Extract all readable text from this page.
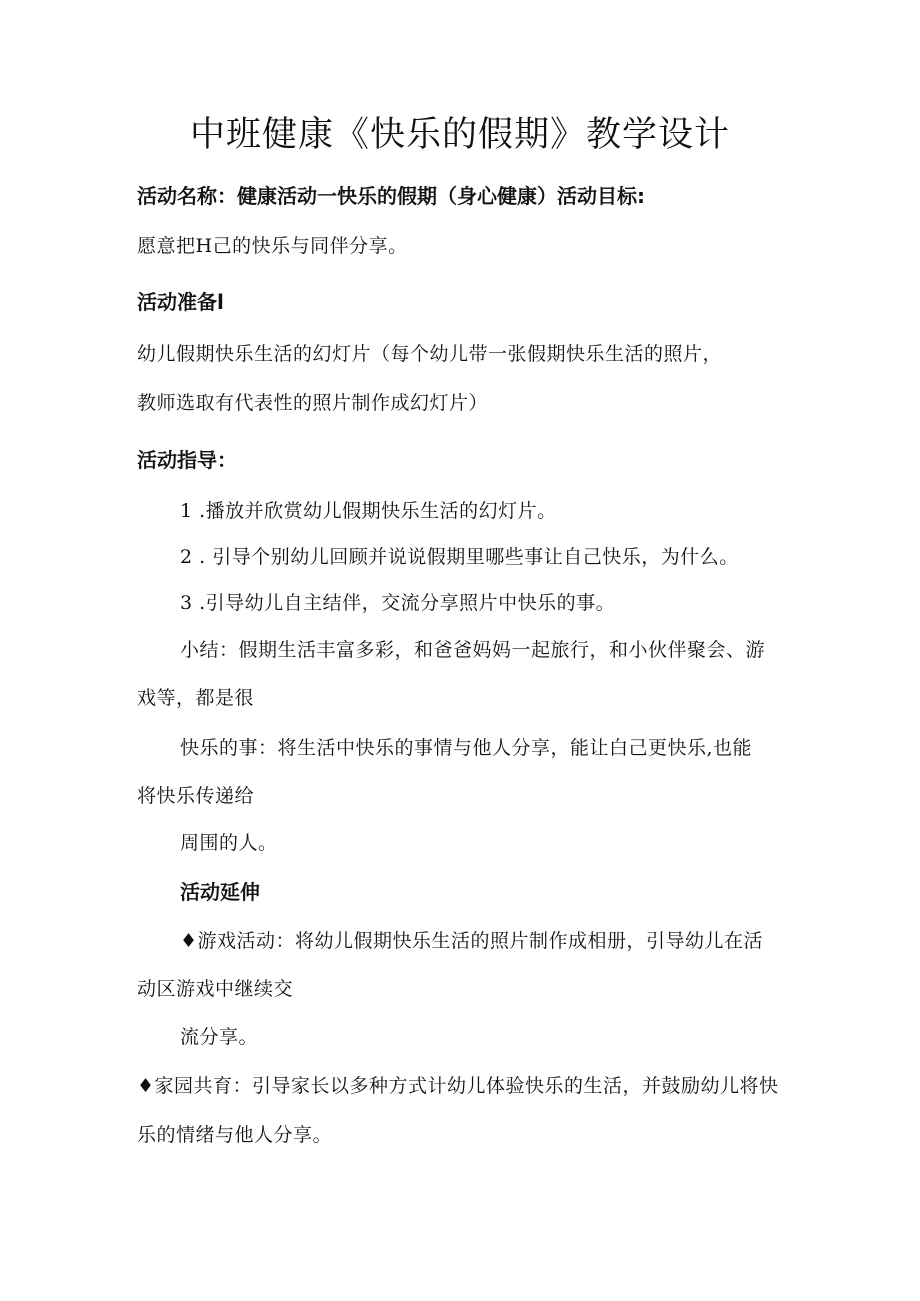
中班健康《快乐的假期》教学设计
活动名称：健康活动一快乐的假期（身心健康）活动目标:
愿意把H己的快乐与同伴分享。
活动准备l
幼儿假期快乐生活的幻灯片（每个幼儿带一张假期快乐生活的照片，
教师选取有代表性的照片制作成幻灯片）
活动指导：
1 .播放并欣赏幼儿假期快乐生活的幻灯片。
2 . 引导个别幼儿回顾并说说假期里哪些事让自己快乐，为什么。
3 .引导幼儿自主结伴，交流分享照片中快乐的事。
小结：假期生活丰富多彩，和爸爸妈妈一起旅行，和小伙伴聚会、游
戏等，都是很
快乐的事：将生活中快乐的事情与他人分享，能让白己更快乐,也能
将快乐传递给
周围的人。
活动延伸
♦游戏活动：将幼儿假期快乐生活的照片制作成相册，引导幼儿在活
动区游戏中继续交
流分享。
♦家园共育：引导家长以多种方式计幼儿体验快乐的生活，并鼓励幼儿将快
乐的情绪与他人分享。
